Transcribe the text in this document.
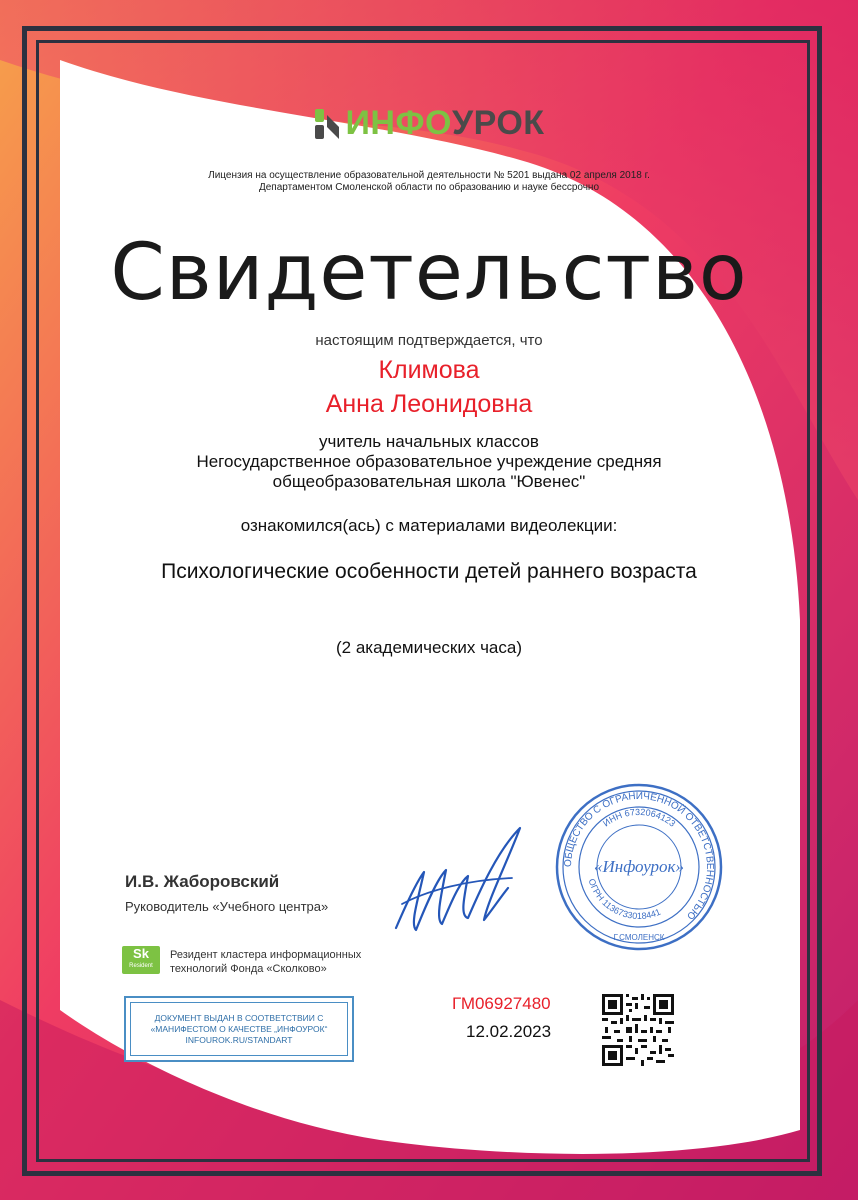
ИНФО УРОК
Лицензия на осуществление образовательной деятельности № 5201 выдана 02 апреля 2018 г.
Департаментом Смоленской области по образованию и науке бессрочно
Свидетельство
настоящим подтверждается, что
Климова
Анна Леонидовна
учитель начальных классов
Негосударственное образовательное учреждение средняя
общеобразовательная школа "Ювенес"
ознакомился(ась) с материалами видеолекции:
Психологические особенности детей раннего возраста
(2 академических часа)
И.В. Жаборовский
Руководитель «Учебного центра»
ОБЩЕСТВО С ОГРАНИЧЕННОЙ ОТВЕТСТВЕННОСТЬЮ
ИНН 6732064123
ОГРН 1136733018441
«Инфоурок»
Г.СМОЛЕНСК
Sk
Resident
Резидент кластера информационных
технологий Фонда «Сколково»
ДОКУМЕНТ ВЫДАН В СООТВЕТСТВИИ С
«МАНИФЕСТОМ О КАЧЕСТВЕ „ИНФОУРОК“
INFOUROK.RU/STANDART
ГМ06927480
12.02.2023
